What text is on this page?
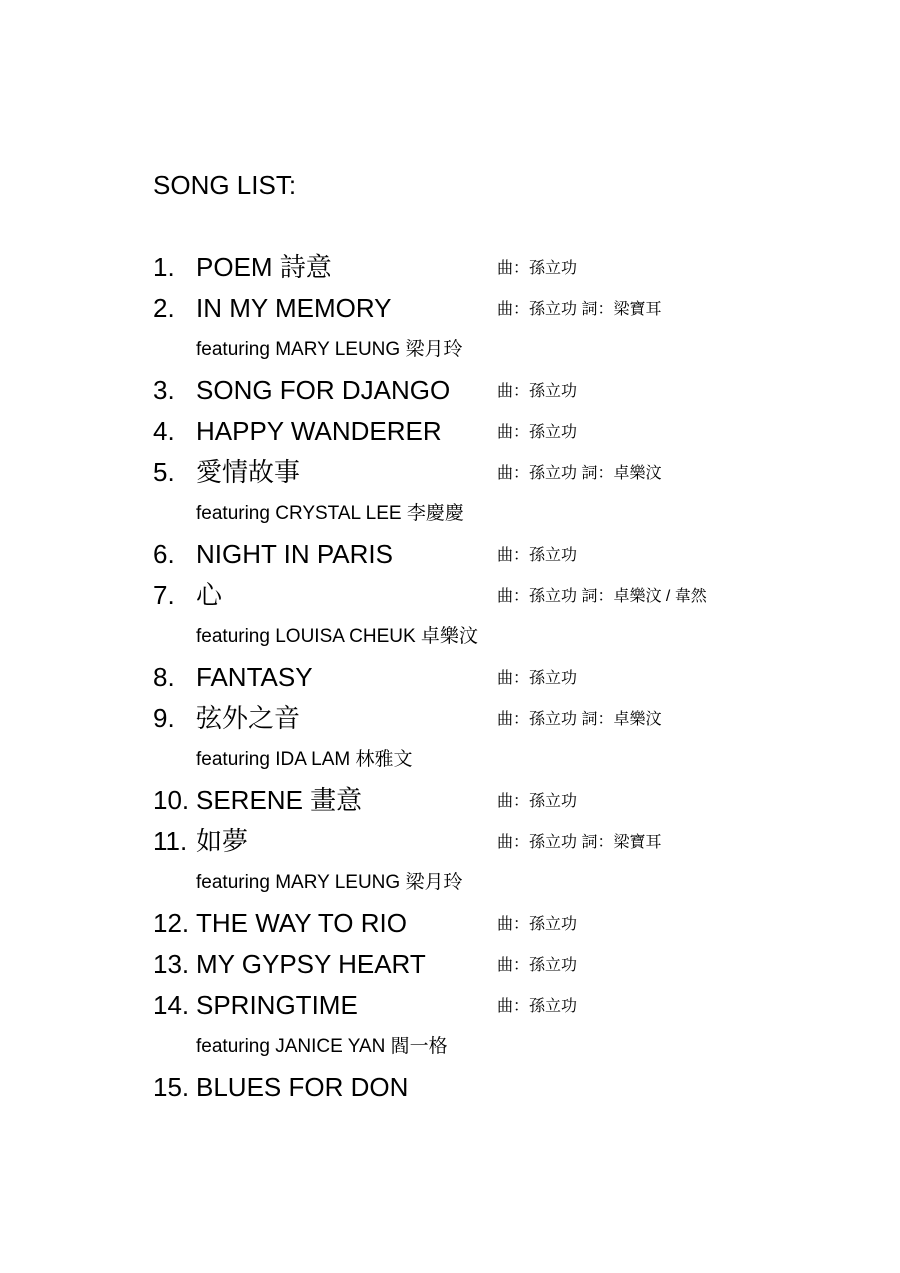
SONG LIST:
1. POEM 詩意	曲：孫立功
2. IN MY MEMORY	曲：孫立功 詞：梁寶耳
featuring MARY LEUNG 梁月玲
3. SONG FOR DJANGO	曲：孫立功
4. HAPPY WANDERER	曲：孫立功
5. 愛情故事	曲：孫立功 詞：卓樂汶
featuring CRYSTAL LEE 李慶慶
6. NIGHT IN PARIS	曲：孫立功
7. 心	曲：孫立功 詞：卓樂汶 / 韋然
featuring LOUISA CHEUK 卓樂汶
8. FANTASY	曲：孫立功
9. 弦外之音	曲：孫立功 詞：卓樂汶
featuring IDA LAM 林雅文
10. SERENE 畫意	曲：孫立功
11. 如夢	曲：孫立功 詞：梁寶耳
featuring MARY LEUNG 梁月玲
12. THE WAY TO RIO	曲：孫立功
13. MY GYPSY HEART	曲：孫立功
14. SPRINGTIME	曲：孫立功
featuring JANICE YAN 閻一格
15. BLUES FOR DON
